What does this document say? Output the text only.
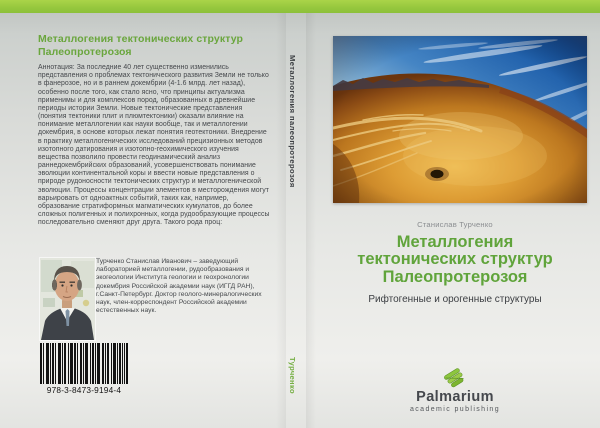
Металлогения тектонических структур Палеопротерозоя
Аннотация: За последние 40 лет существенно изменились представления о проблемах тектонического развития Земли не только в фанерозое, но и в раннем докембрии (4-1.6 млрд. лет назад), особенно после того, как стало ясно, что принципы актуализма применимы и для комплексов пород, образованных в древнейшие периоды истории Земли. Новые тектонические представления (понятия тектоники плит и плюмтектоники) оказали влияние на понимание металлогении как науки вообще, так и металлогении докембрия, в основе которых лежат понятия геотектоники. Внедрение в практику металлогенических исследований прецизионных методов изотопного датирования и изотопно-геохимического изучения вещества позволило провести геодинамический анализ раннедокембрийских образований, усовершенствовать понимание эволюции континентальной коры и ввести новые представления о природе рудоносности тектонических структур и металлогенической эволюции. Процессы концентрации элементов в месторождения могут варьировать от одноактных событий, таких как, например, образование стратиформных магматических кумулатов, до более сложных полигенных и полихронных, когда рудообразующие процессы последовательно сменяют друг друга. Такого рода проц:
Турченко Станислав Иванович – заведующий лабораторией металлогении, рудообразования и экогеологии Института геологии и геохронологии докембрия Российской академии наук (ИГГД РАН), г.Санкт-Петербург. Доктор геолого-минералогических наук, член-корреспондент Российской академии естественных наук.
978-3-8473-9194-4
Металлогения палеопротерозоя
Турченко
Станислав Турченко
Металлогения
тектонических структур
Палеопротерозоя
Рифтогенные и орогенные структуры
Palmarium
academic publishing
